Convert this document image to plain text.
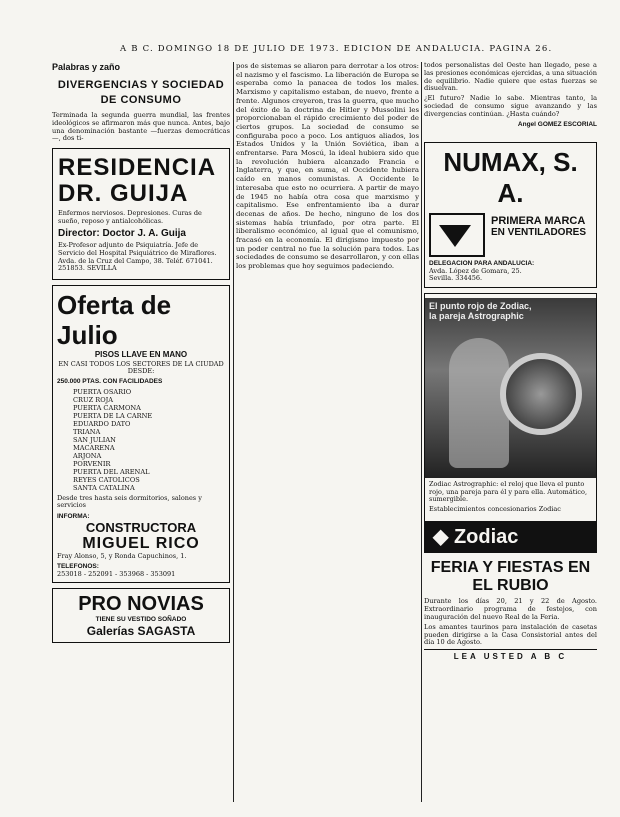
A B C. DOMINGO 18 DE JULIO DE 1973. EDICION DE ANDALUCIA. PAGINA 26.
Palabras y zaño
DIVERGENCIAS Y SOCIEDAD DE CONSUMO

Terminada la segunda guerra mundial, las frentes ideológicos se afirmaron más que nunca. Antes, bajo una denominación bastante —fuerzas democráticas—, dos ti-

RESIDENCIA
DR. GUIJA
Enfermos nerviosos. Depresiones. Curas de sueño, reposo y antialcohólicas.
Director: Doctor J. A. Guija
Ex-Profesor adjunto de Psiquiatría. Jefe de Servicio del Hospital Psiquiátrico de Miraflores. Avda. de la Cruz del Campo, 38. Teléf. 671041. 251853. SEVILLA
Oferta de Julio
PISOS LLAVE EN MANO
EN CASI TODOS LOS SECTORES DE LA CIUDAD DESDE:
250.000 PTAS. CON FACILIDADES
PUERTA OSARIO
CRUZ ROJA
PUERTA CARMONA
PUERTA DE LA CARNE
EDUARDO DATO
TRIANA
SAN JULIAN
MACARENA
ARJONA
PORVENIR
PUERTA DEL ARENAL
REYES CATOLICOS
SANTA CATALINA
Desde tres hasta seis dormitorios, salones y servicios
INFORMA:
CONSTRUCTORA
MIGUEL RICO
Fray Alonso, 5, y Ronda Capuchinos, 1.
TELEFONOS:
253018 - 252091 - 353968 - 353091
PRO NOVIAS
TIENE SU VESTIDO SOÑADO
Galerías SAGASTA

pos de sistemas se aliaron para derrotar a los otros: el nazismo y el fascismo. La liberación de Europa se esperaba como la panacea de todos los males. Marxismo y capitalismo estaban, de nuevo, frente a frente. Algunos creyeron, tras la guerra, que mucho del éxito de la doctrina de Hitler y Mussolini les proporcionaban el rápido crecimiento del poder de ciertos grupos. La sociedad de consumo se configuraba poco a poco. Los antiguos aliados, los Estados Unidos y la Unión Soviética, iban a enfrentarse. Para Moscú, la ideal hubiera sido que la revolución hubiera alcanzado Francia e Inglaterra, y que, en suma, el Occidente hubiera caído en manos comunistas. A Occidente le interesaba que esto no ocurriera. A partir de mayo de 1945 no había otra cosa que marxismo y capitalismo. Ese enfrentamiento iba a durar decenas de años. De hecho, ninguno de los dos sistemas había triunfado, por otra parte. El liberalismo económico, al igual que el comunismo, fracasó en la economía. El dirigismo impuesto por un poder central no fue la solución para todos. Las sociedades de consumo se desarrollaron, y con ellas los problemas que hoy seguimos padeciendo.

todos personalistas del Oeste han llegado, pese a las presiones económicas ejercidas, a una situación de equilibrio. Nadie quiere que estas fuerzas se disuelvan.

¿El futuro? Nadie lo sabe. Mientras tanto, la sociedad de consumo sigue avanzando y las divergencias continúan. ¿Hasta cuándo?

Angel GOMEZ ESCORIAL
NUMAX, S. A.
PRIMERA MARCA
EN VENTILADORES
DELEGACION PARA ANDALUCIA:
Avda. López de Gomara, 25.
Sevilla. 334456.
El punto rojo de Zodiac,
la pareja Astrographic
Zodiac Astrographic: el reloj que lleva el punto rojo, una pareja para él y para ella. Automático, sumergible.
Establecimientos concesionarios Zodiac
◆ Zodiac
FERIA Y FIESTAS EN
EL RUBIO

Durante los días 20, 21 y 22 de Agosto. Extraordinario programa de festejos, con inauguración del nuevo Real de la Feria.

Los amantes taurinos para instalación de casetas pueden dirigirse a la Casa Consistorial antes del día 10 de Agosto.

LEA USTED A B C
